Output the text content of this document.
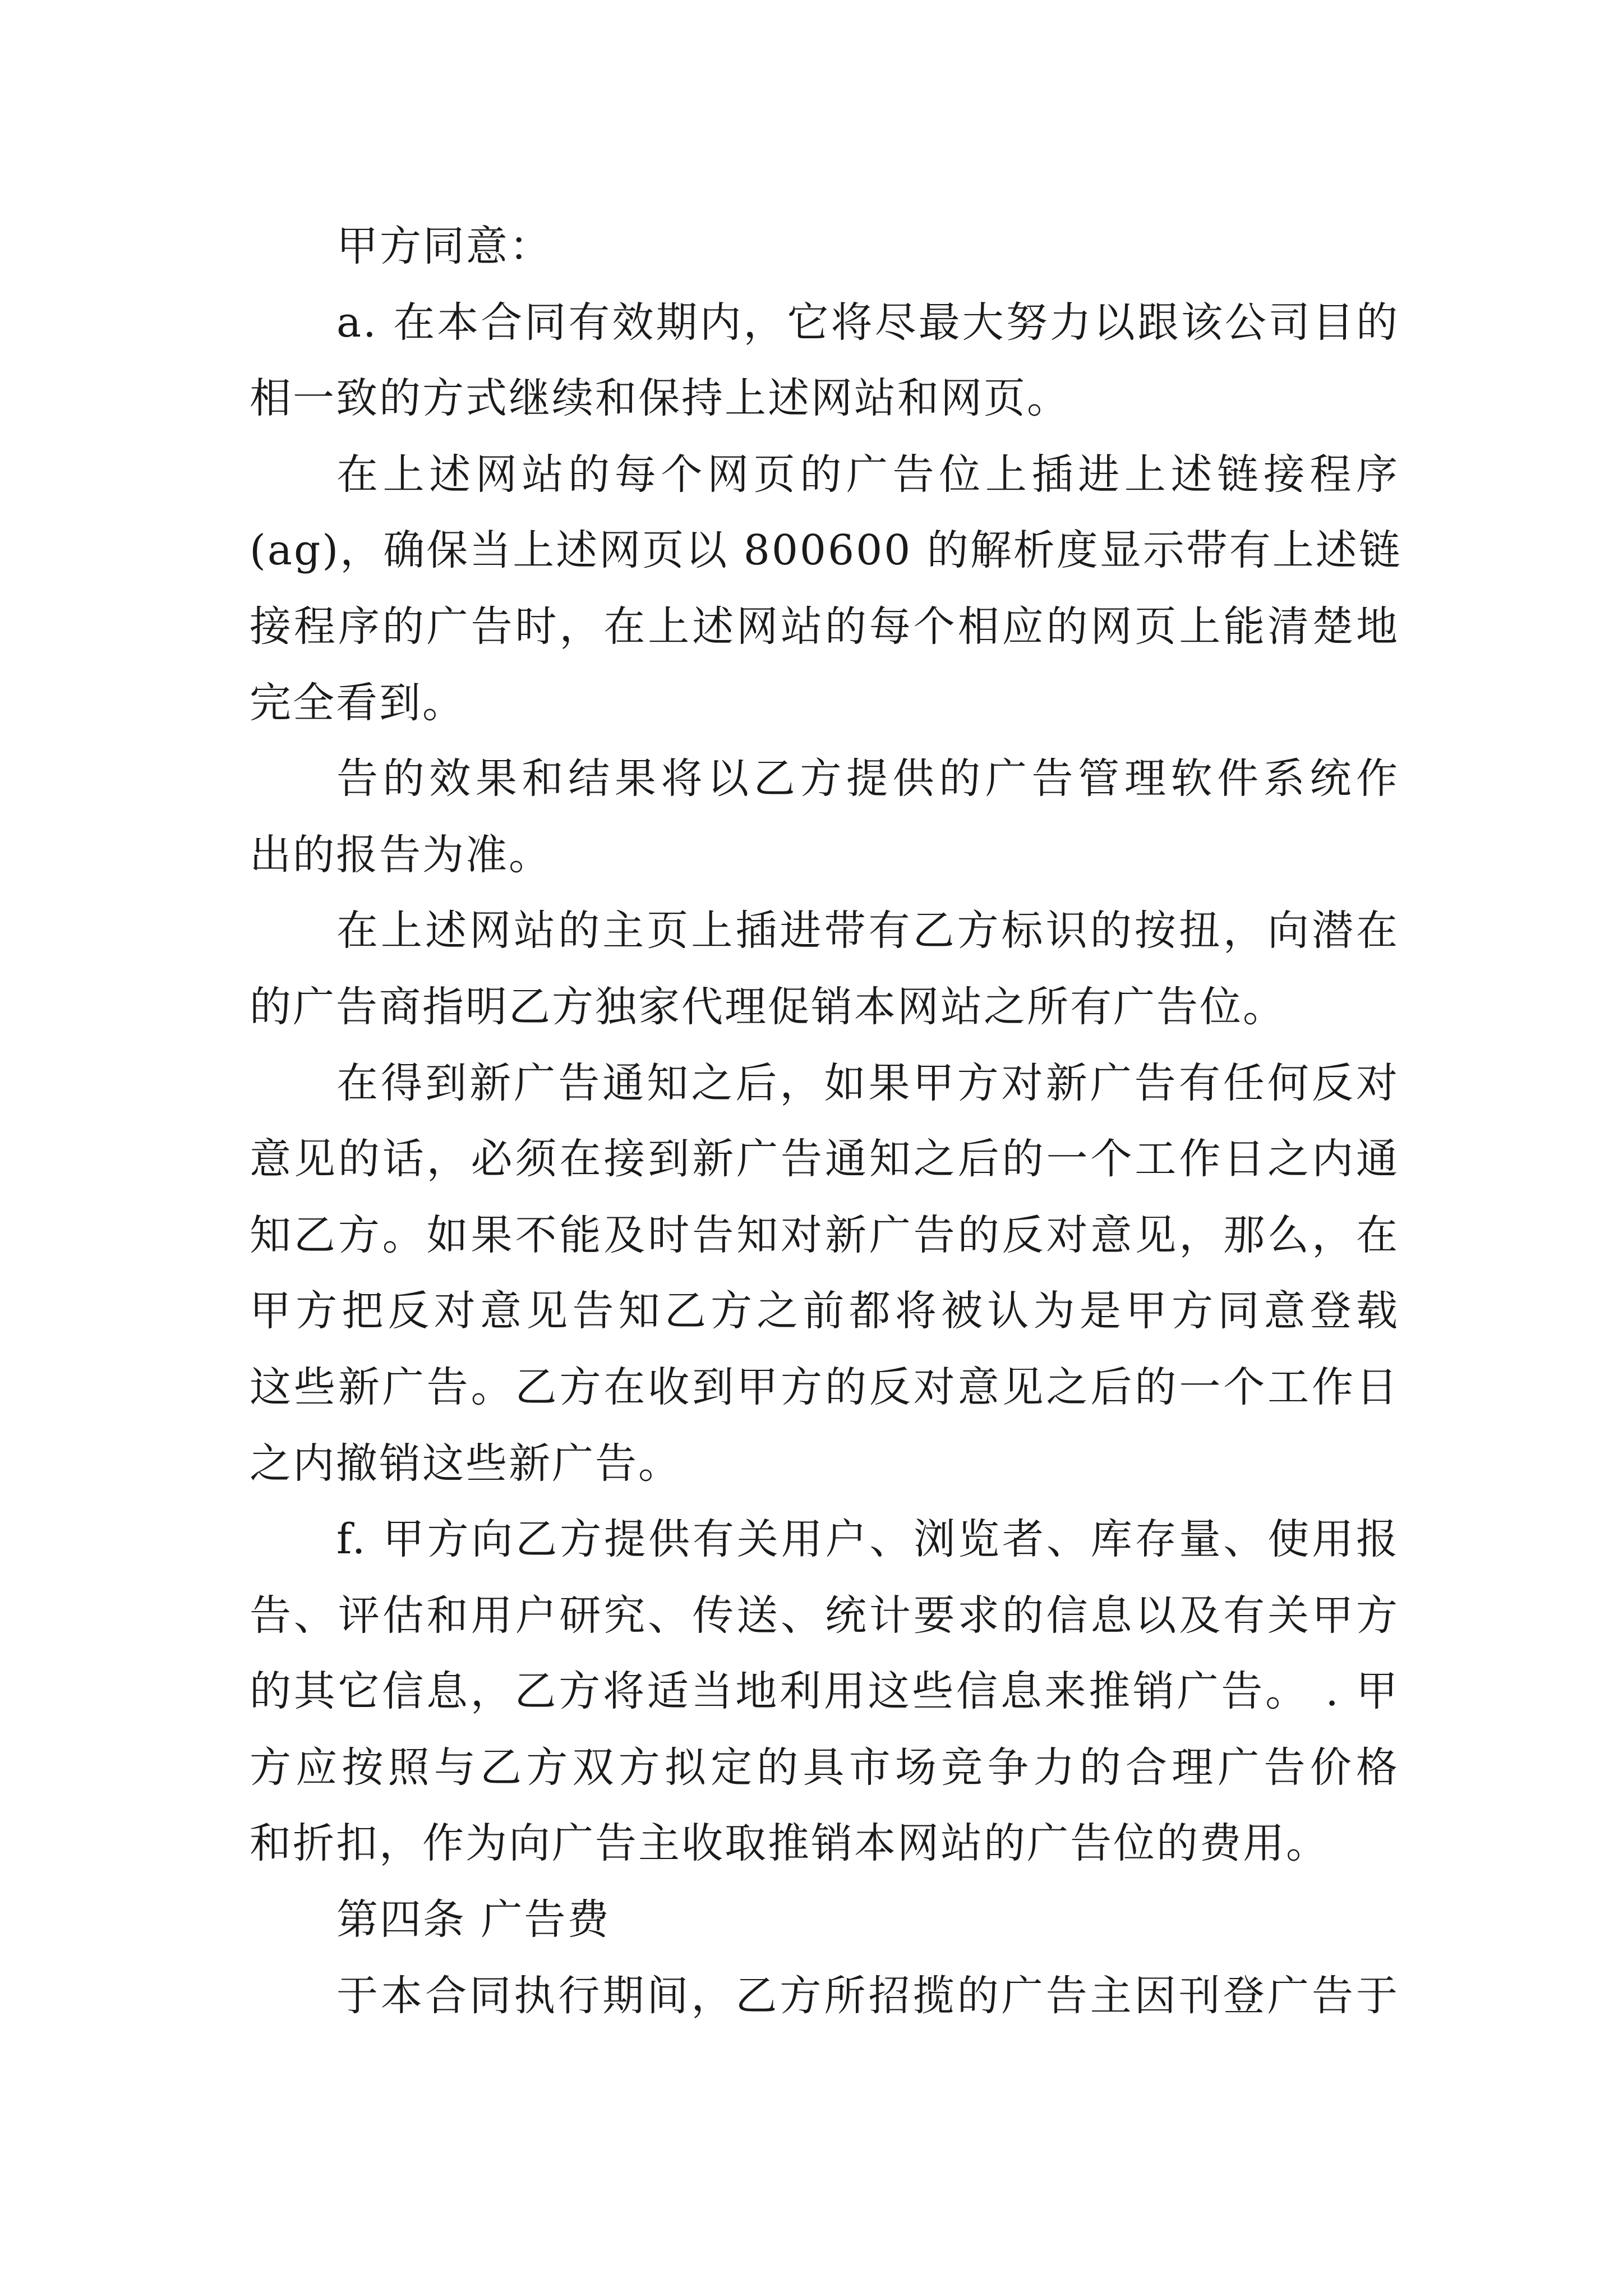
甲方同意：
a. 在本合同有效期内，它将尽最大努力以跟该公司目的
相一致的方式继续和保持上述网站和网页。
在上述网站的每个网页的广告位上插进上述链接程序
(ag)，确保当上述网页以 800600 的解析度显示带有上述链
接程序的广告时，在上述网站的每个相应的网页上能清楚地
完全看到。
告的效果和结果将以乙方提供的广告管理软件系统作
出的报告为准。
在上述网站的主页上插进带有乙方标识的按扭，向潜在
的广告商指明乙方独家代理促销本网站之所有广告位。
在得到新广告通知之后，如果甲方对新广告有任何反对
意见的话，必须在接到新广告通知之后的一个工作日之内通
知乙方。如果不能及时告知对新广告的反对意见，那么，在
甲方把反对意见告知乙方之前都将被认为是甲方同意登载
这些新广告。乙方在收到甲方的反对意见之后的一个工作日
之内撤销这些新广告。
f. 甲方向乙方提供有关用户、浏览者、库存量、使用报
告、评估和用户研究、传送、统计要求的信息以及有关甲方
的其它信息，乙方将适当地利用这些信息来推销广告。 . 甲
方应按照与乙方双方拟定的具市场竞争力的合理广告价格
和折扣，作为向广告主收取推销本网站的广告位的费用。
第四条 广告费
于本合同执行期间，乙方所招揽的广告主因刊登广告于
